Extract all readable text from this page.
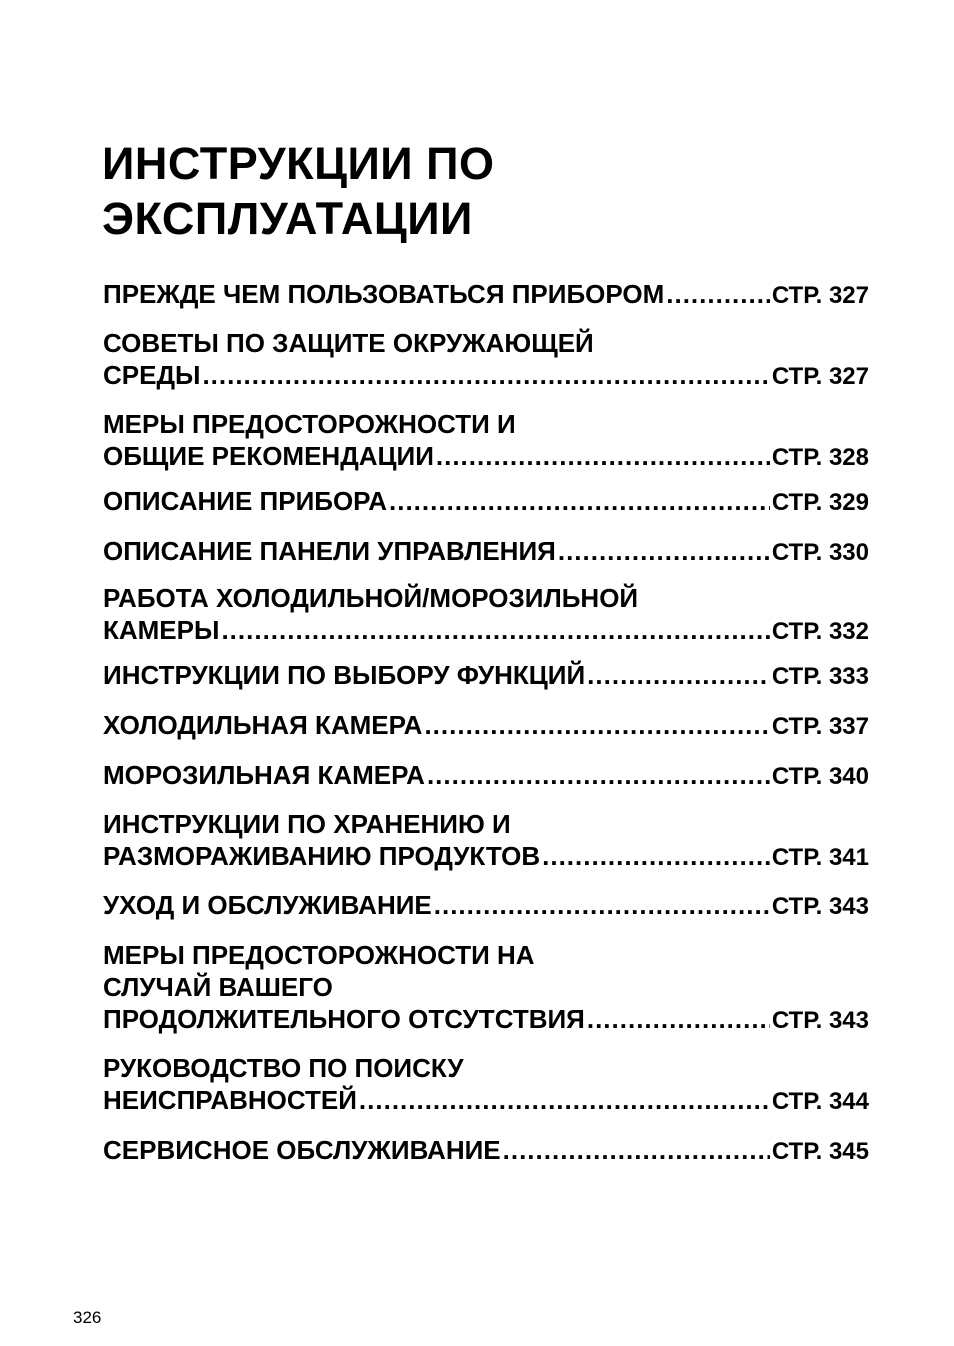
ИНСТРУКЦИИ ПО
ЭКСПЛУАТАЦИИ
ПРЕЖДЕ ЧЕМ ПОЛЬЗОВАТЬСЯ ПРИБОРОМ .....	СТР. 327
СОВЕТЫ ПО ЗАЩИТЕ ОКРУЖАЮЩЕЙ
СРЕДЫ .....	СТР. 327
МЕРЫ ПРЕДОСТОРОЖНОСТИ И
ОБЩИЕ РЕКОМЕНДАЦИИ .....	СТР. 328
ОПИСАНИЕ ПРИБОРА .....	СТР. 329
ОПИСАНИЕ ПАНЕЛИ УПРАВЛЕНИЯ .....	СТР. 330
РАБОТА ХОЛОДИЛЬНОЙ/МОРОЗИЛЬНОЙ
КАМЕРЫ .....	СТР. 332
ИНСТРУКЦИИ ПО ВЫБОРУ ФУНКЦИЙ .....	СТР. 333
ХОЛОДИЛЬНАЯ КАМЕРА .....	СТР. 337
МОРОЗИЛЬНАЯ КАМЕРА .....	СТР. 340
ИНСТРУКЦИИ ПО ХРАНЕНИЮ И
РАЗМОРАЖИВАНИЮ ПРОДУКТОВ .....	СТР. 341
УХОД И ОБСЛУЖИВАНИЕ .....	СТР. 343
МЕРЫ ПРЕДОСТОРОЖНОСТИ НА
СЛУЧАЙ ВАШЕГО
ПРОДОЛЖИТЕЛЬНОГО ОТСУТСТВИЯ .....	СТР. 343
РУКОВОДСТВО ПО ПОИСКУ
НЕИСПРАВНОСТЕЙ .....	СТР. 344
СЕРВИСНОЕ ОБСЛУЖИВАНИЕ .....	СТР. 345
326
